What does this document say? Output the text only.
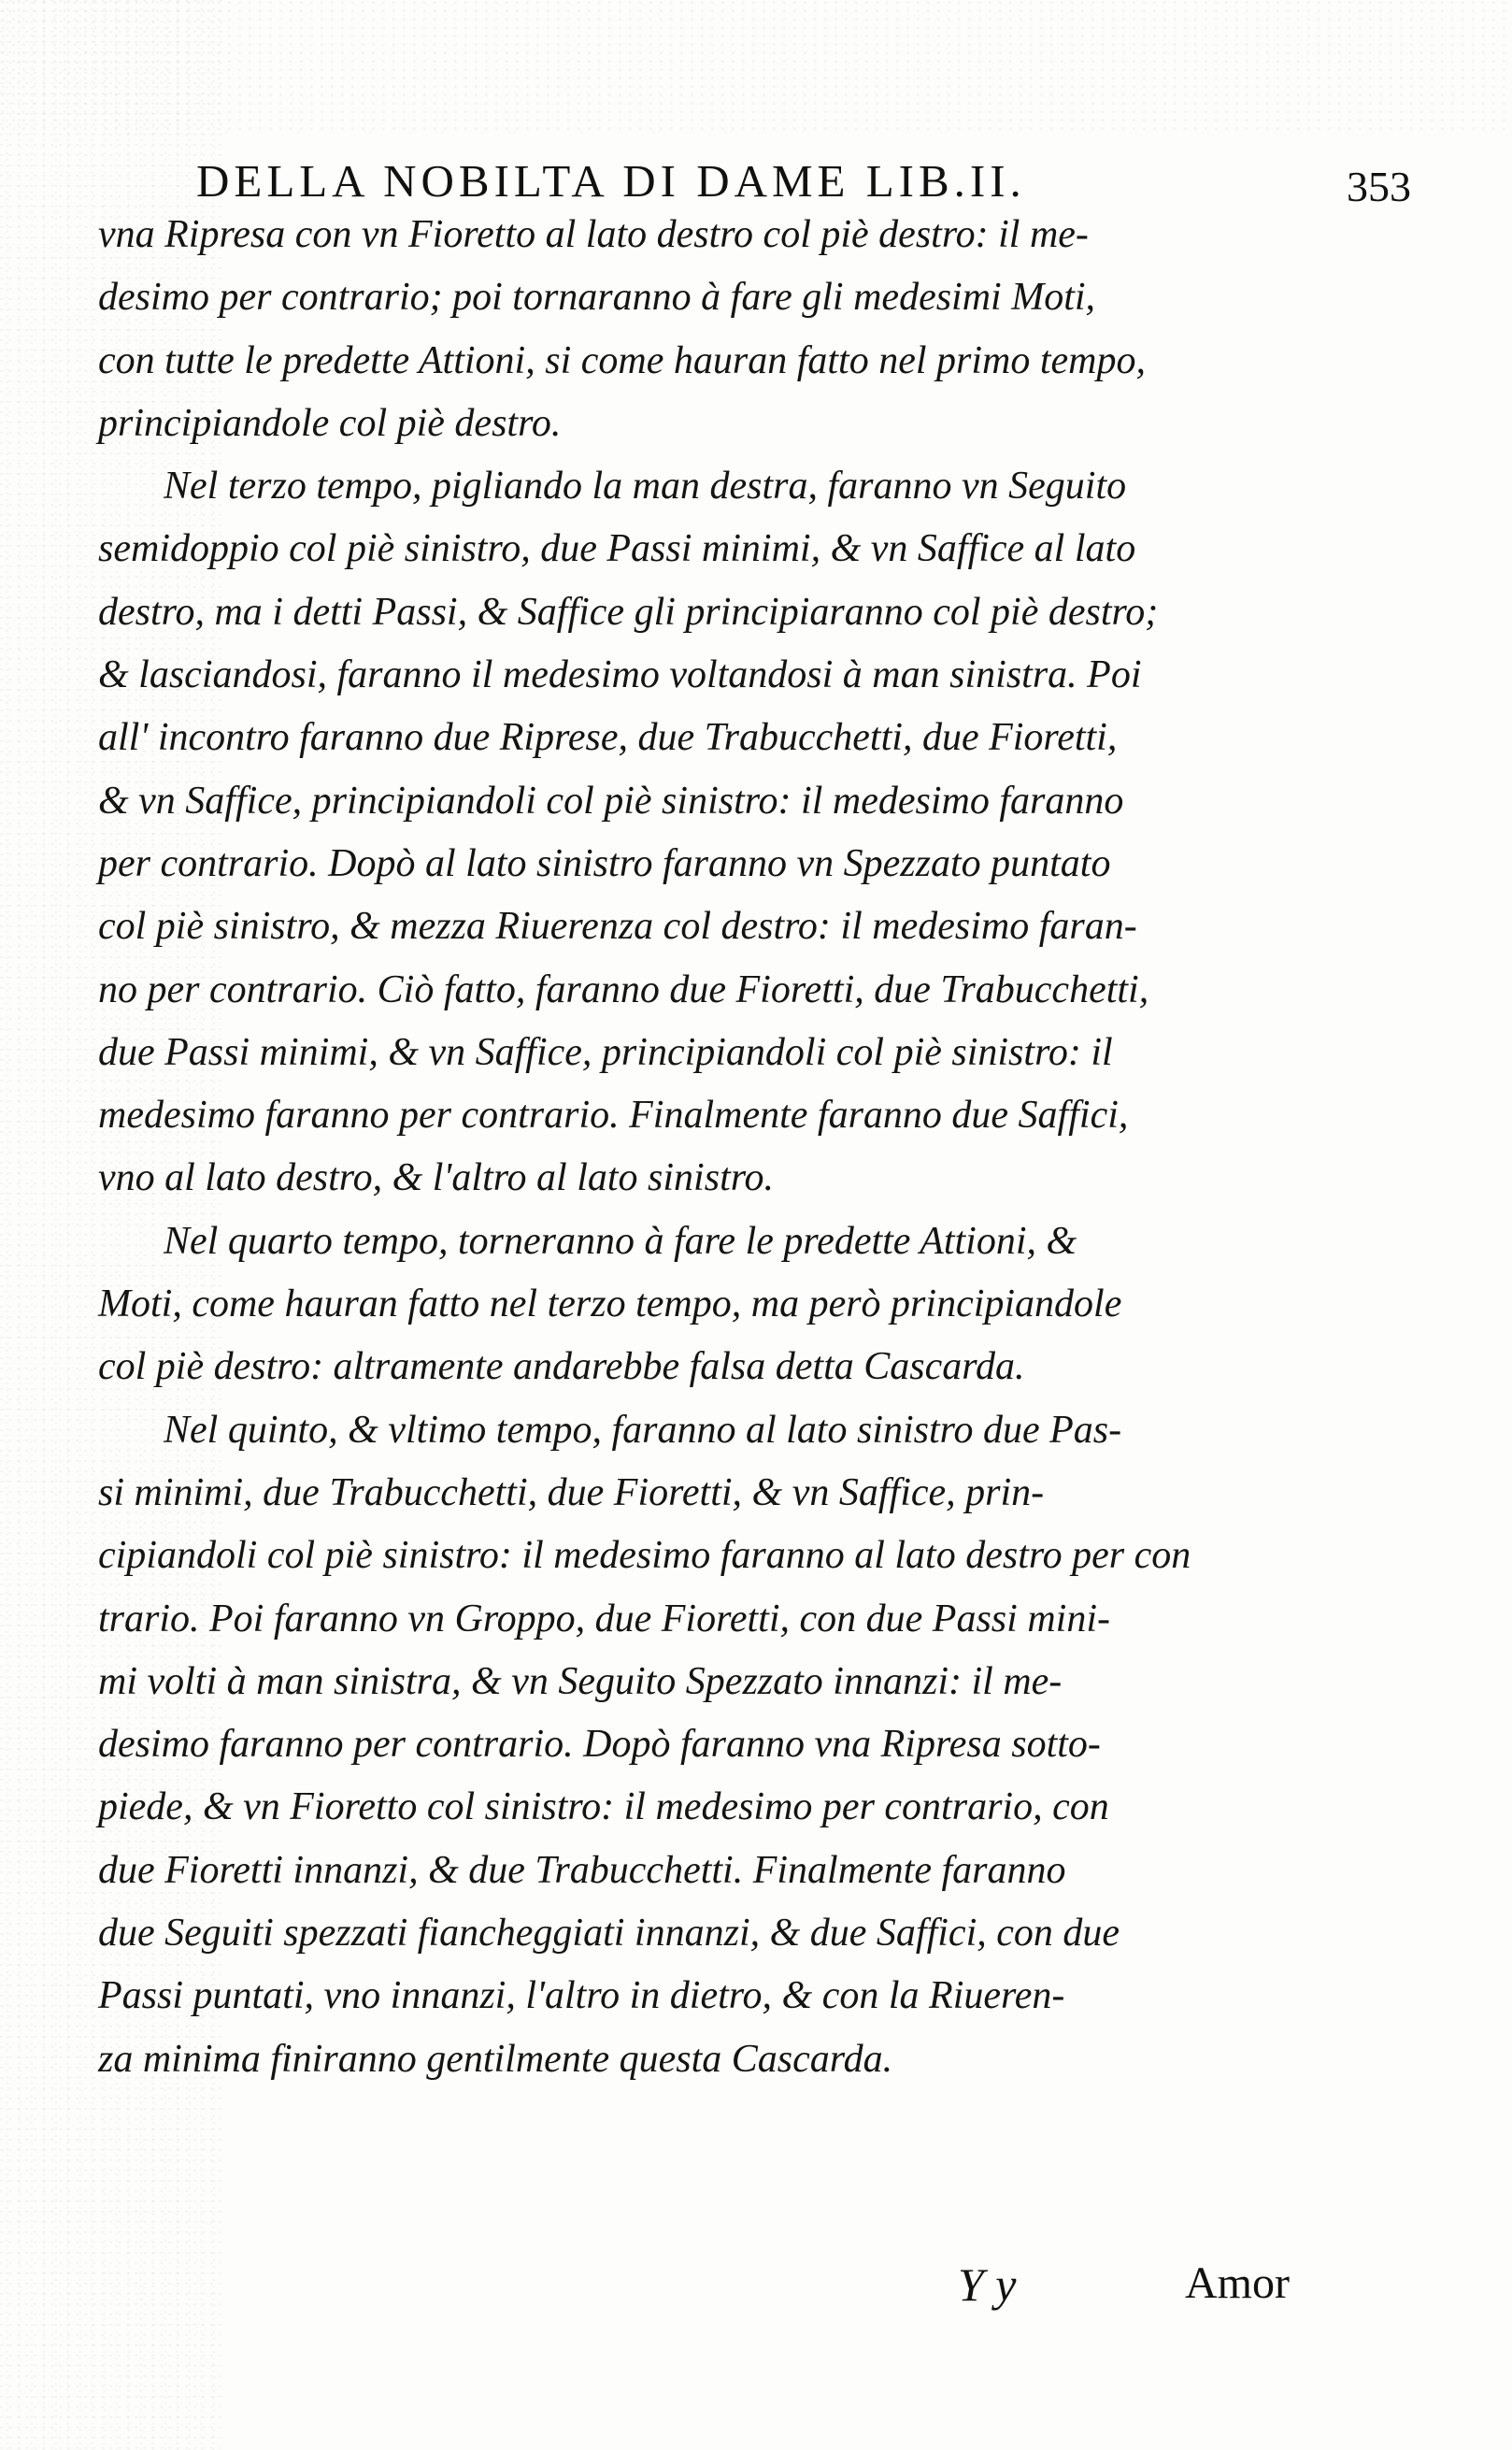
DELLA NOBILTA DI DAME LIB.II.	353
vna Ripresa con vn Fioretto al lato destro col piè destro: il me-
desimo per contrario; poi tornaranno à fare gli medesimi Moti,
con tutte le predette Attioni, si come hauran fatto nel primo tempo,
principiandole col piè destro.
Nel terzo tempo, pigliando la man destra, faranno vn Seguito
semidoppio col piè sinistro, due Passi minimi, & vn Saffice al lato
destro, ma i detti Passi, & Saffice gli principiaranno col piè destro;
& lasciandosi, faranno il medesimo voltandosi à man sinistra. Poi
all' incontro faranno due Riprese, due Trabucchetti, due Fioretti,
& vn Saffice, principiandoli col piè sinistro: il medesimo faranno
per contrario. Dopò al lato sinistro faranno vn Spezzato puntato
col piè sinistro, & mezza Riuerenza col destro: il medesimo faran-
no per contrario. Ciò fatto, faranno due Fioretti, due Trabucchetti,
due Passi minimi, & vn Saffice, principiandoli col piè sinistro: il
medesimo faranno per contrario. Finalmente faranno due Saffici,
vno al lato destro, & l'altro al lato sinistro.
Nel quarto tempo, torneranno à fare le predette Attioni, &
Moti, come hauran fatto nel terzo tempo, ma però principiandole
col piè destro: altramente andarebbe falsa detta Cascarda.
Nel quinto, & vltimo tempo, faranno al lato sinistro due Pas-
si minimi, due Trabucchetti, due Fioretti, & vn Saffice, prin-
cipiandoli col piè sinistro: il medesimo faranno al lato destro per con
trario. Poi faranno vn Groppo, due Fioretti, con due Passi mini-
mi volti à man sinistra, & vn Seguito Spezzato innanzi: il me-
desimo faranno per contrario. Dopò faranno vna Ripresa sotto-
piede, & vn Fioretto col sinistro: il medesimo per contrario, con
due Fioretti innanzi, & due Trabucchetti. Finalmente faranno
due Seguiti spezzati fiancheggiati innanzi, & due Saffici, con due
Passi puntati, vno innanzi, l'altro in dietro, & con la Riueren-
za minima finiranno gentilmente questa Cascarda.
Y y	Amor
